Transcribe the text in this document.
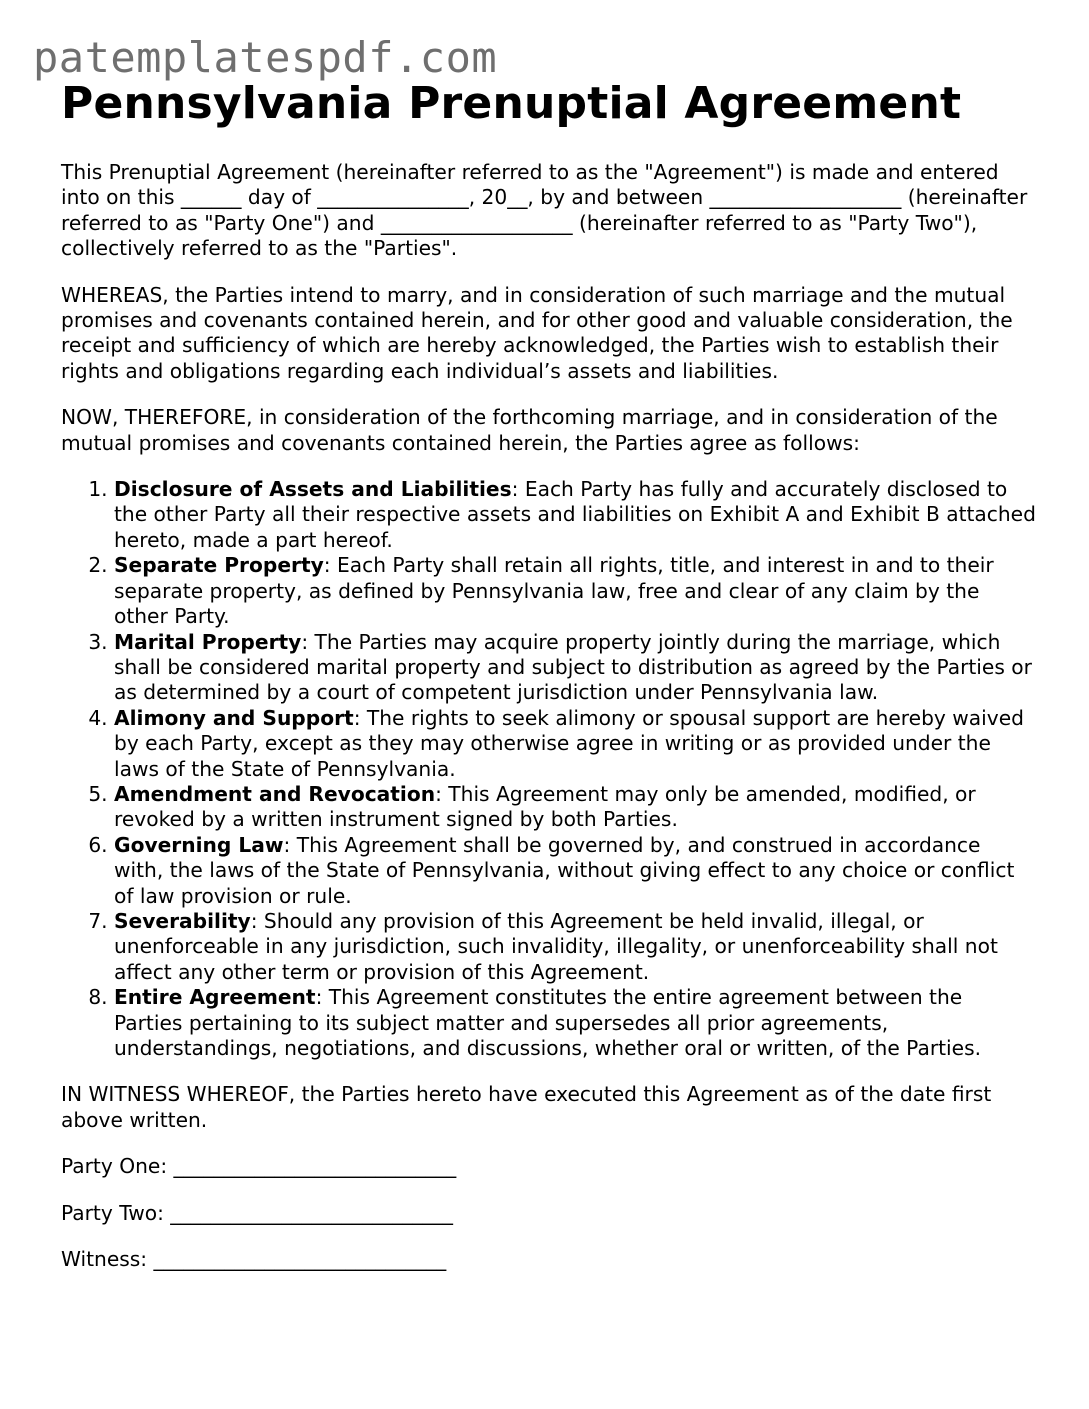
patemplatespdf.com
Pennsylvania Prenuptial Agreement

This Prenuptial Agreement (hereinafter referred to as the "Agreement") is made and entered into on this ______ day of _______________, 20__, by and between ___________________ (hereinafter referred to as "Party One") and ___________________ (hereinafter referred to as "Party Two"), collectively referred to as the "Parties".

WHEREAS, the Parties intend to marry, and in consideration of such marriage and the mutual promises and covenants contained herein, and for other good and valuable consideration, the receipt and sufficiency of which are hereby acknowledged, the Parties wish to establish their rights and obligations regarding each individual’s assets and liabilities.

NOW, THEREFORE, in consideration of the forthcoming marriage, and in consideration of the mutual promises and covenants contained herein, the Parties agree as follows:

1. Disclosure of Assets and Liabilities: Each Party has fully and accurately disclosed to the other Party all their respective assets and liabilities on Exhibit A and Exhibit B attached hereto, made a part hereof.
2. Separate Property: Each Party shall retain all rights, title, and interest in and to their separate property, as defined by Pennsylvania law, free and clear of any claim by the other Party.
3. Marital Property: The Parties may acquire property jointly during the marriage, which shall be considered marital property and subject to distribution as agreed by the Parties or as determined by a court of competent jurisdiction under Pennsylvania law.
4. Alimony and Support: The rights to seek alimony or spousal support are hereby waived by each Party, except as they may otherwise agree in writing or as provided under the laws of the State of Pennsylvania.
5. Amendment and Revocation: This Agreement may only be amended, modified, or revoked by a written instrument signed by both Parties.
6. Governing Law: This Agreement shall be governed by, and construed in accordance with, the laws of the State of Pennsylvania, without giving effect to any choice or conflict of law provision or rule.
7. Severability: Should any provision of this Agreement be held invalid, illegal, or unenforceable in any jurisdiction, such invalidity, illegality, or unenforceability shall not affect any other term or provision of this Agreement.
8. Entire Agreement: This Agreement constitutes the entire agreement between the Parties pertaining to its subject matter and supersedes all prior agreements, understandings, negotiations, and discussions, whether oral or written, of the Parties.

IN WITNESS WHEREOF, the Parties hereto have executed this Agreement as of the date first above written.

Party One: ____________________________

Party Two: ____________________________

Witness: _____________________________
